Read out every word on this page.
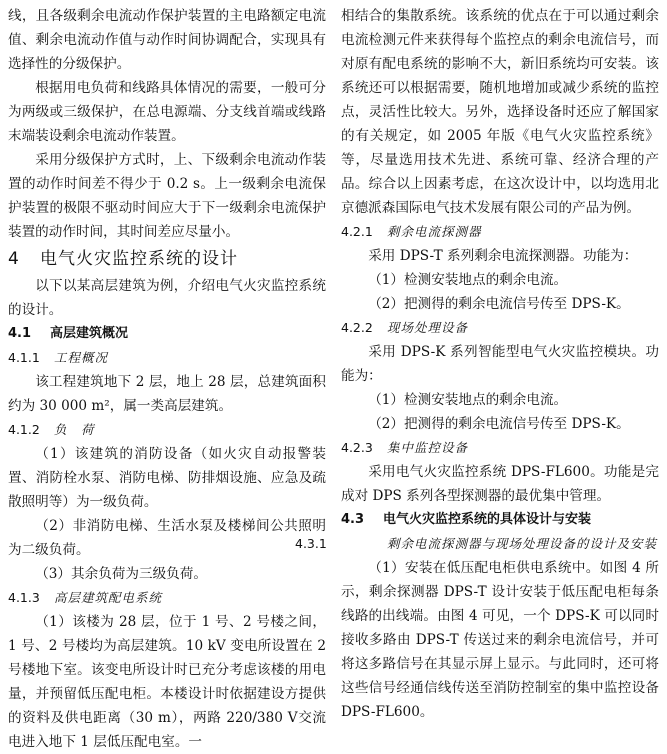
线，且各级剩余电流动作保护装置的主电路额定电流值、剩余电流动作值与动作时间协调配合，实现具有选择性的分级保护。

根据用电负荷和线路具体情况的需要，一般可分为两级或三级保护，在总电源端、分支线首端或线路末端装设剩余电流动作装置。

采用分级保护方式时，上、下级剩余电流动作装置的动作时间差不得少于 0.2 s。上一级剩余电流保护装置的极限不驱动时间应大于下一级剩余电流保护装置的动作时间，其时间差应尽量小。

4 电气火灾监控系统的设计

以下以某高层建筑为例，介绍电气火灾监控系统的设计。

4.1 高层建筑概况
4.1.1 工程概况

该工程建筑地下 2 层，地上 28 层，总建筑面积约为 30 000 m²，属一类高层建筑。

4.1.2 负　荷

（1）该建筑的消防设备（如火灾自动报警装置、消防栓水泵、消防电梯、防排烟设施、应急及疏散照明等）为一级负荷。

（2）非消防电梯、生活水泵及楼梯间公共照明为二级负荷。

（3）其余负荷为三级负荷。

4.1.3 高层建筑配电系统

（1）该楼为 28 层，位于 1 号、2 号楼之间，1 号、2 号楼均为高层建筑。10 kV 变电所设置在 2 号楼地下室。该变电所设计时已充分考虑该楼的用电量，并预留低压配电柜。本楼设计时依据建设方提供的资料及供电距离（30 m），两路 220/380 V交流电进入地下 1 层低压配电室。一

相结合的集散系统。该系统的优点在于可以通过剩余电流检测元件来获得每个监控点的剩余电流信号，而对原有配电系统的影响不大，新旧系统均可安装。该系统还可以根据需要，随机地增加或减少系统的监控点，灵活性比较大。另外，选择设备时还应了解国家的有关规定，如 2005 年版《电气火灾监控系统》等，尽量选用技术先进、系统可靠、经济合理的产品。综合以上因素考虑，在这次设计中，以均选用北京德派森国际电气技术发展有限公司的产品为例。

4.2.1 剩余电流探测器

采用 DPS-T 系列剩余电流探测器。功能为：

（1）检测安装地点的剩余电流。

（2）把测得的剩余电流信号传至 DPS-K。

4.2.2 现场处理设备

采用 DPS-K 系列智能型电气火灾监控模块。功能为：

（1）检测安装地点的剩余电流。

（2）把测得的剩余电流信号传至 DPS-K。

4.2.3 集中监控设备

采用电气火灾监控系统 DPS-FL600。功能是完成对 DPS 系列各型探测器的最优集中管理。

4.3 电气火灾监控系统的具体设计与安装
4.3.1	剩余电流探测器与现场处理设备的设计及安装

（1）安装在低压配电柜供电系统中。如图 4 所示，剩余探测器 DPS-T 设计安装于低压配电柜每条线路的出线端。由图 4 可见，一个 DPS-K 可以同时接收多路由 DPS-T 传送过来的剩余电流信号，并可将这多路信号在其显示屏上显示。与此同时，还可将这些信号经通信线传送至消防控制室的集中监控设备 DPS-FL600。
